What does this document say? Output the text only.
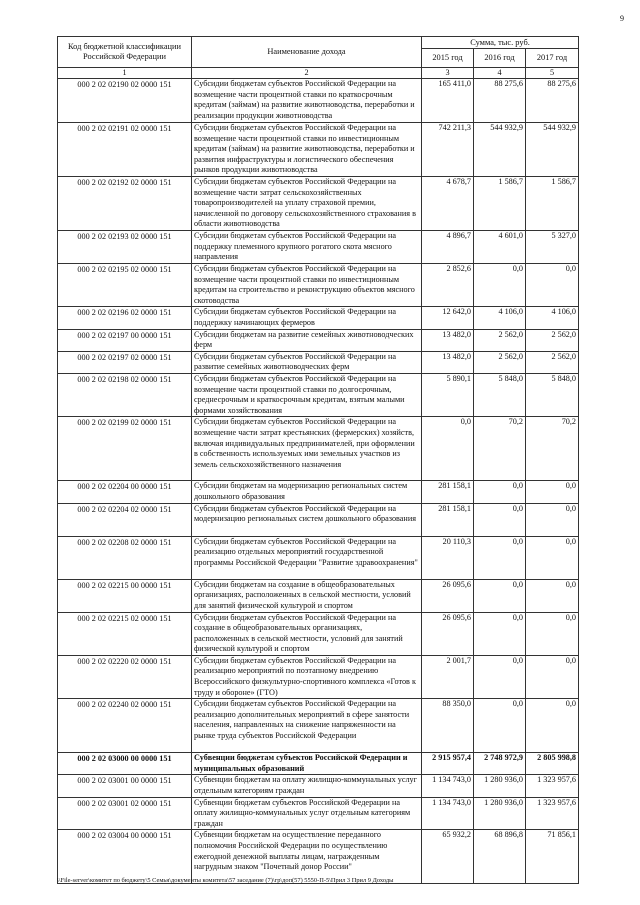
9
Код бюджетной классификации Российской Федерации	Наименование дохода	Сумма, тыс. руб.		
		2015 год	2016 год	2017 год
1	2	3	4	5
000 2 02 02190 02 0000 151	Субсидии бюджетам субъектов Российской Федерации на возмещение части процентной ставки по краткосрочным кредитам (займам) на развитие животноводства, переработки и реализации продукции животноводства	165 411,0	88 275,6	88 275,6
000 2 02 02191 02 0000 151	Субсидии бюджетам субъектов Российской Федерации на возмещение части процентной ставки по инвестиционным кредитам (займам) на развитие животноводства, переработки и развития инфраструктуры и логистического обеспечения рынков продукции животноводства	742 211,3	544 932,9	544 932,9
000 2 02 02192 02 0000 151	Субсидии бюджетам субъектов Российской Федерации на возмещение части затрат сельскохозяйственных товаропроизводителей на уплату страховой премии, начисленной по договору сельскохозяйственного страхования в области животноводства	4 678,7	1 586,7	1 586,7
000 2 02 02193 02 0000 151	Субсидии бюджетам субъектов Российской Федерации на поддержку племенного крупного рогатого скота мясного направления	4 896,7	4 601,0	5 327,0
000 2 02 02195 02 0000 151	Субсидии бюджетам субъектов Российской Федерации на возмещение части процентной ставки по инвестиционным кредитам на строительство и реконструкцию объектов мясного скотоводства	2 852,6	0,0	0,0
000 2 02 02196 02 0000 151	Субсидии бюджетам субъектов Российской Федерации на поддержку начинающих фермеров	12 642,0	4 106,0	4 106,0
000 2 02 02197 00 0000 151	Субсидии бюджетам на развитие семейных животноводческих ферм	13 482,0	2 562,0	2 562,0
000 2 02 02197 02 0000 151	Субсидии бюджетам субъектов Российской Федерации на развитие семейных животноводческих ферм	13 482,0	2 562,0	2 562,0
000 2 02 02198 02 0000 151	Субсидии бюджетам субъектов Российской Федерации на возмещение части процентной ставки по долгосрочным, среднесрочным и краткосрочным кредитам, взятым малыми формами хозяйствования	5 890,1	5 848,0	5 848,0
000 2 02 02199 02 0000 151	Субсидии бюджетам субъектов Российской Федерации на возмещение части затрат крестьянских (фермерских) хозяйств, включая индивидуальных предпринимателей, при оформлении в собственность используемых ими земельных участков из земель сельскохозяйственного назначения	0,0	70,2	70,2
000 2 02 02204 00 0000 151	Субсидии бюджетам на модернизацию региональных систем дошкольного образования	281 158,1	0,0	0,0
000 2 02 02204 02 0000 151	Субсидии бюджетам субъектов Российской Федерации на модернизацию региональных систем дошкольного образования	281 158,1	0,0	0,0
000 2 02 02208 02 0000 151	Субсидии бюджетам субъектов Российской Федерации на реализацию отдельных мероприятий государственной программы Российской Федерации "Развитие здравоохранения"	20 110,3	0,0	0,0
000 2 02 02215 00 0000 151	Субсидии бюджетам на создание в общеобразовательных организациях, расположенных в сельской местности, условий для занятий физической культурой и спортом	26 095,6	0,0	0,0
000 2 02 02215 02 0000 151	Субсидии бюджетам субъектов Российской Федерации на создание в общеобразовательных организациях, расположенных в сельской местности, условий для занятий физической культурой и спортом	26 095,6	0,0	0,0
000 2 02 02220 02 0000 151	Субсидии бюджетам субъектов Российской Федерации на реализацию мероприятий по поэтапному внедрению Всероссийского физкультурно-спортивного комплекса «Готов к труду и обороне» (ГТО)	2 001,7	0,0	0,0
000 2 02 02240 02 0000 151	Субсидии бюджетам субъектов Российской Федерации на реализацию дополнительных мероприятий в сфере занятости населения, направленных на снижение напряженности на рынке труда субъектов Российской Федерации	88 350,0	0,0	0,0
000 2 02 03000 00 0000 151	Субвенции бюджетам субъектов Российской Федерации и муниципальных образований	2 915 957,4	2 748 972,9	2 805 998,8
000 2 02 03001 00 0000 151	Субвенции бюджетам на оплату жилищно-коммунальных услуг отдельным категориям граждан	1 134 743,0	1 280 936,0	1 323 957,6
000 2 02 03001 02 0000 151	Субвенции бюджетам субъектов Российской Федерации на оплату жилищно-коммунальных услуг отдельным категориям граждан	1 134 743,0	1 280 936,0	1 323 957,6
000 2 02 03004 00 0000 151	Субвенции бюджетам на осуществление переданного полномочия Российской Федерации по осуществлению ежегодной денежной выплаты лицам, награжденным нагрудным знаком "Почетный донор России"	65 932,2	68 896,8	71 856,1
\\File-server\комитет по бюджету\5 Семья\документы комитета\57 заседание (7)\гр\доп(57) 5550-П-5\Прил 3 Прил 9 Доходы
